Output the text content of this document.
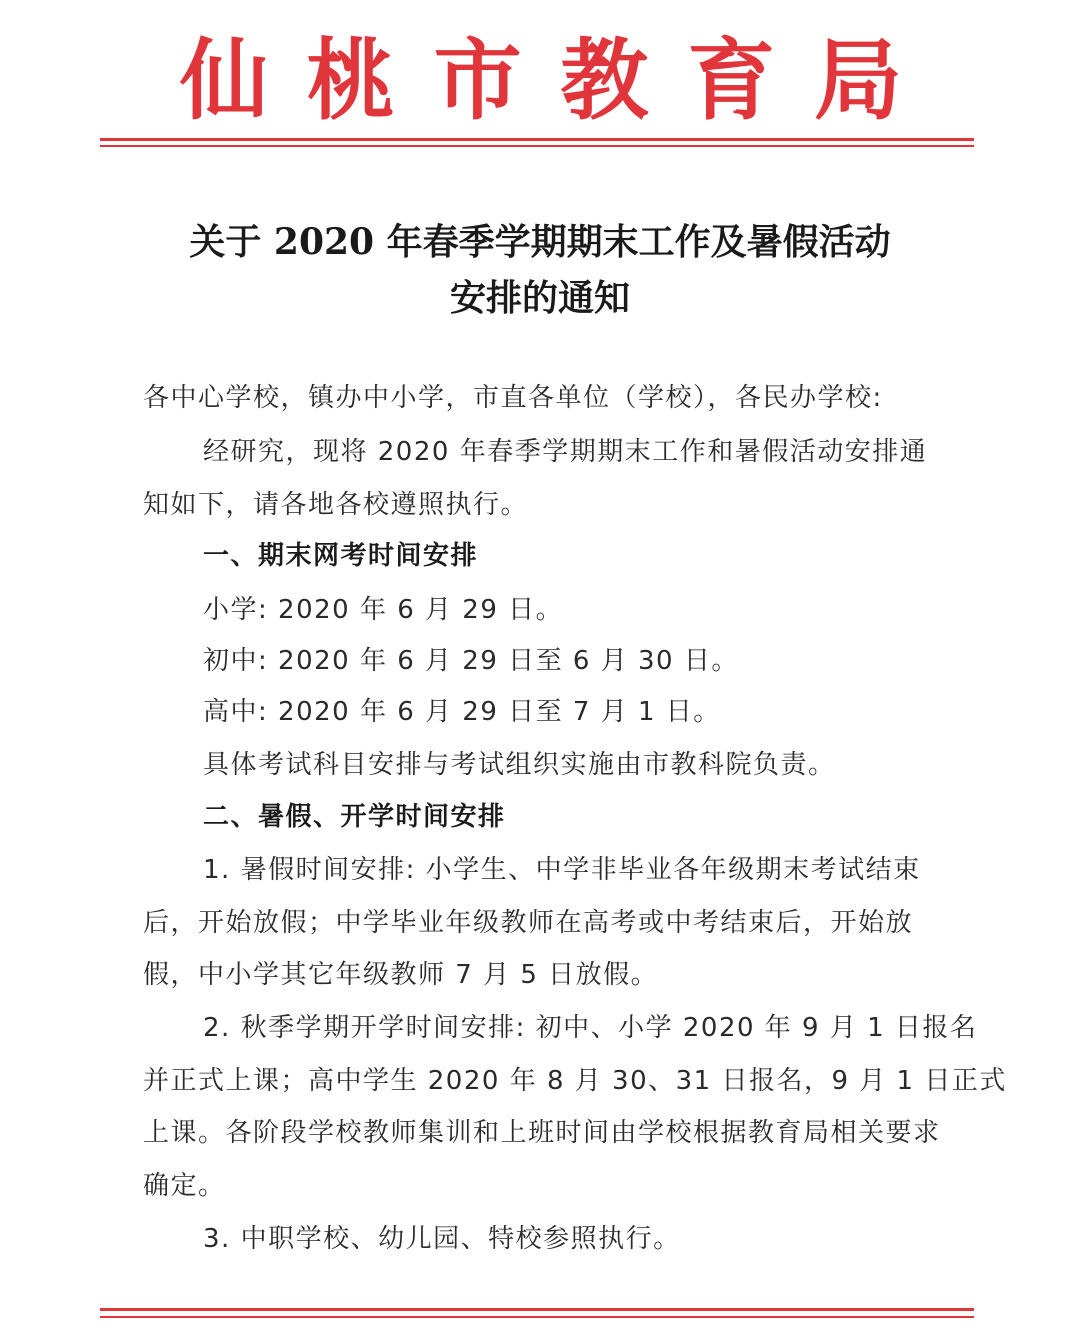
仙 桃 市 教 育 局
关于 2020 年春季学期期末工作及暑假活动
安排的通知
各中心学校，镇办中小学，市直各单位（学校），各民办学校:
经研究，现将 2020 年春季学期期末工作和暑假活动安排通
知如下，请各地各校遵照执行。
一、期末网考时间安排
小学: 2020 年 6 月 29 日。
初中: 2020 年 6 月 29 日至 6 月 30 日。
高中: 2020 年 6 月 29 日至 7 月 1 日。
具体考试科目安排与考试组织实施由市教科院负责。
二、暑假、开学时间安排
1. 暑假时间安排: 小学生、中学非毕业各年级期末考试结束
后，开始放假；中学毕业年级教师在高考或中考结束后，开始放
假，中小学其它年级教师 7 月 5 日放假。
2. 秋季学期开学时间安排: 初中、小学 2020 年 9 月 1 日报名
并正式上课；高中学生 2020 年 8 月 30、31 日报名，9 月 1 日正式
上课。各阶段学校教师集训和上班时间由学校根据教育局相关要求
确定。
3. 中职学校、幼儿园、特校参照执行。
